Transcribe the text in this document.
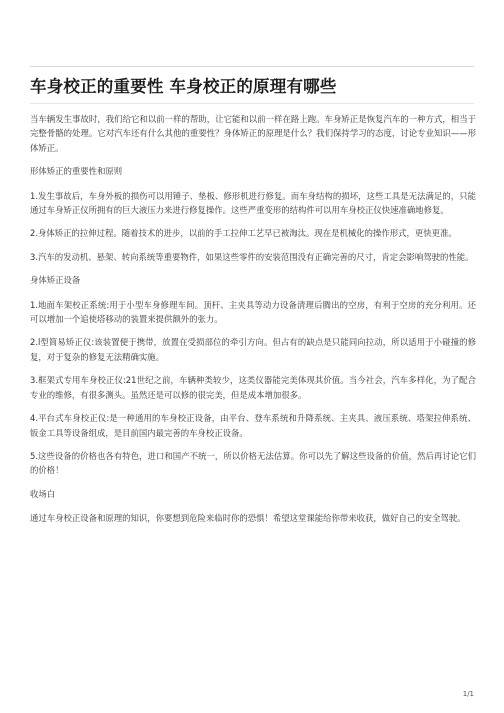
车身校正的重要性 车身校正的原理有哪些

当车辆发生事故时，我们给它和以前一样的帮助，让它能和以前一样在路上跑。车身矫正是恢复汽车的一种方式，相当于完整骨骼的处理。它对汽车还有什么其他的重要性？身体矫正的原理是什么？我们保持学习的态度，讨论专业知识——形体矫正。

形体矫正的重要性和原则

1.发生事故后，车身外板的损伤可以用锤子、垫板、修形机进行修复。而车身结构的损坏，这些工具是无法满足的，只能通过车身矫正仪所拥有的巨大液压力来进行修复操作。这些严重变形的结构件可以用车身校正仪快速准确地修复。

2.身体矫正的拉伸过程。随着技术的进步，以前的手工拉伸工艺早已被淘汰。现在是机械化的操作形式，更快更准。

3.汽车的发动机、悬架、转向系统等重要物件，如果这些零件的安装范围没有正确完善的尺寸，肯定会影响驾驶的性能。

身体矫正设备

1.地面车架校正系统:用于小型车身修理车间。顶杆、主夹具等动力设备清理后腾出的空房，有利于空房的充分利用。还可以增加一个追使塔移动的装置来提供额外的张力。

2.l型简易矫正仪:该装置便于携带，放置在受损部位的牵引方向。但占有的缺点是只能同向拉动，所以适用于小碰撞的修复，对于复杂的修复无法精确实施。

3.框架式专用车身校正仪:21世纪之前，车辆种类较少，这类仪器能完美体现其价值。当今社会，汽车多样化，为了配合专业的维修，有很多测头。虽然还是可以修的很完美，但是成本增加很多。

4.平台式车身校正仪:是一种通用的车身校正设备，由平台、登车系统和升降系统、主夹具、液压系统、塔架拉伸系统、钣金工具等设备组成，是目前国内最完善的车身校正设备。

5.这些设备的价格也各有特色，进口和国产不统一，所以价格无法估算。你可以先了解这些设备的价值，然后再讨论它们的价格！

收场白

通过车身校正设备和原理的知识，你要想到危险来临时你的恐惧！希望这堂课能给你带来收获，做好自己的安全驾驶。

1/1
